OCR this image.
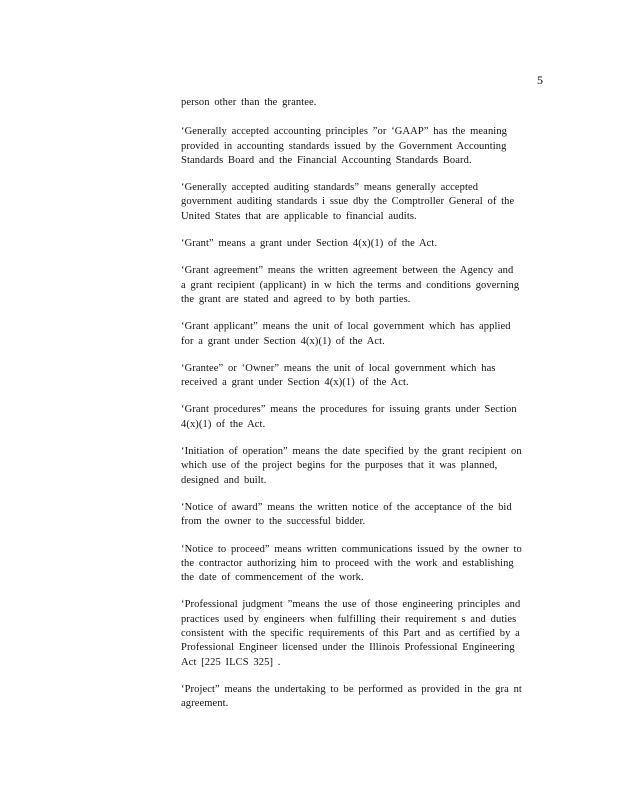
5

person other than the grantee.

‘Generally accepted accounting principles ”or ‘GAAP” has the meaning
provided in accounting standards issued by the Government Accounting
Standards Board and the Financial Accounting Standards Board.

‘Generally accepted auditing standards” means generally accepted
government auditing standards i ssue dby the Comptroller General of the
United States that are applicable to financial audits.

‘Grant” means a grant under Section 4(x)(1) of the Act.

‘Grant agreement” means the written agreement between the Agency and
a grant recipient (applicant) in w hich the terms and conditions governing
the grant are stated and agreed to by both parties.

‘Grant applicant” means the unit of local government which has applied
for a grant under Section 4(x)(1) of the Act.

‘Grantee” or ‘Owner” means the unit of local government which has
received a grant under Section 4(x)(1) of the Act.

‘Grant procedures” means the procedures for issuing grants under Section
4(x)(1) of the Act.

‘Initiation of operation” means the date specified by the grant recipient on
which use of the project begins for the purposes that it was planned,
designed and built.

‘Notice of award” means the written notice of the acceptance of the bid
from the owner to the successful bidder.

‘Notice to proceed” means written communications issued by the owner to
the contractor authorizing him to proceed with the work and establishing
the date of commencement of the work.

‘Professional judgment ”means the use of those engineering principles and
practices used by engineers when fulfilling their requirement s and duties
consistent with the specific requirements of this Part and as certified by a
Professional Engineer licensed under the Illinois Professional Engineering
Act [225 ILCS 325] .

‘Project” means the undertaking to be performed as provided in the gra nt
agreement.
